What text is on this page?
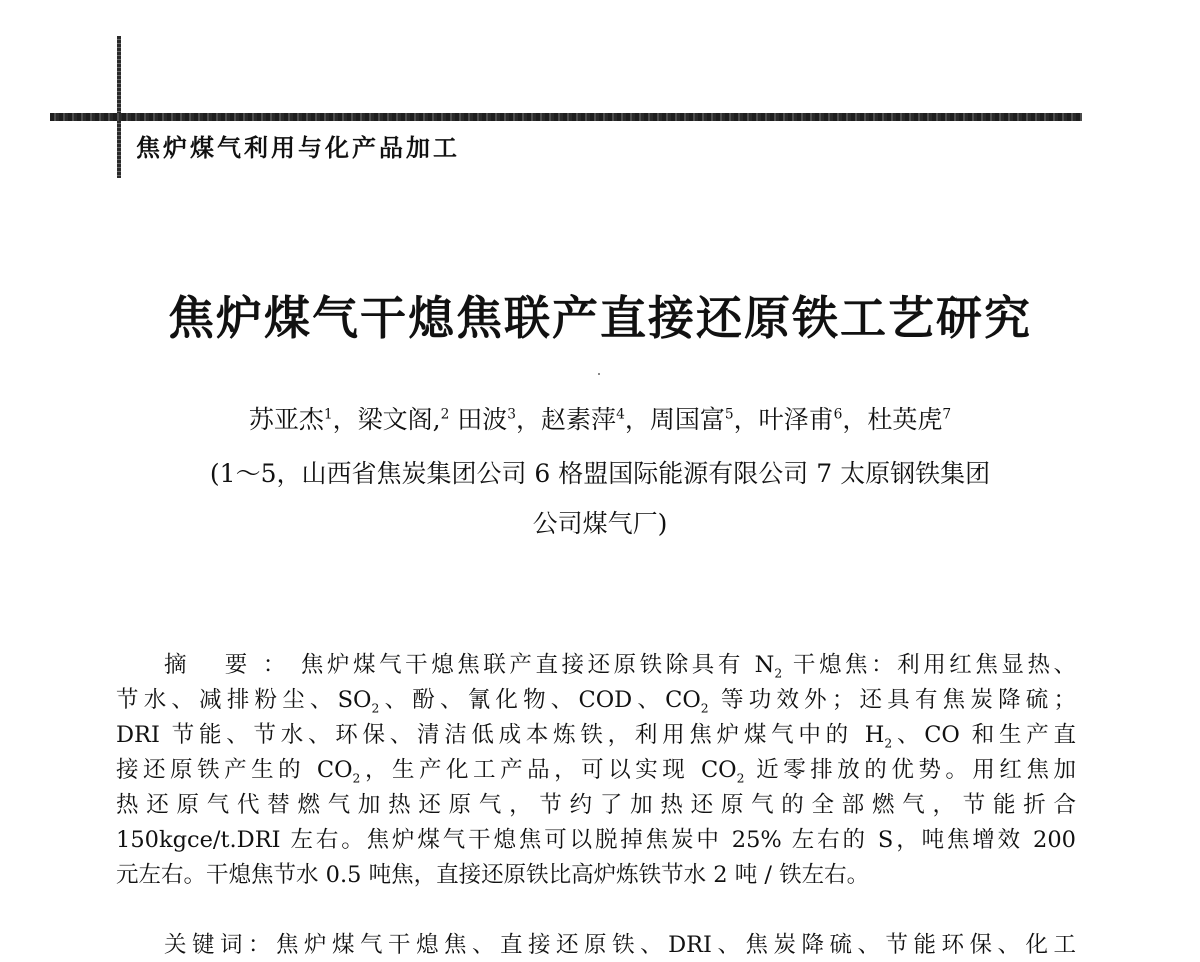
焦炉煤气利用与化产品加工
焦炉煤气干熄焦联产直接还原铁工艺研究
苏亚杰$^1$，梁文阁,$^2$ 田波$^3$，赵素萍$^4$，周国富$^5$，叶泽甫$^6$，杜英虎$^7$
(1～5，山西省焦炭集团公司 6 格盟国际能源有限公司 7 太原钢铁集团
公司煤气厂)
摘 要：焦炉煤气干熄焦联产直接还原铁除具有 $N_2$ 干熄焦：利用红焦显热、
节水、减排粉尘、$SO_2$、酚、氰化物、COD、$CO_2$ 等功效外；还具有焦炭降硫；
DRI 节能、节水、环保、清洁低成本炼铁，利用焦炉煤气中的 $H_2$、CO 和生产直
接还原铁产生的 $CO_2$，生产化工产品，可以实现 $CO_2$ 近零排放的优势。用红焦加
热还原气代替燃气加热还原气，节约了加热还原气的全部燃气，节能折合
150kgce/t.DRI 左右。焦炉煤气干熄焦可以脱掉焦炭中 25% 左右的 S，吨焦增效 200
元左右。干熄焦节水 0.5 吨焦，直接还原铁比高炉炼铁节水 2 吨 / 铁左右。
关键词：焦炉煤气干熄焦、直接还原铁、DRI、焦炭降硫、节能环保、化工
